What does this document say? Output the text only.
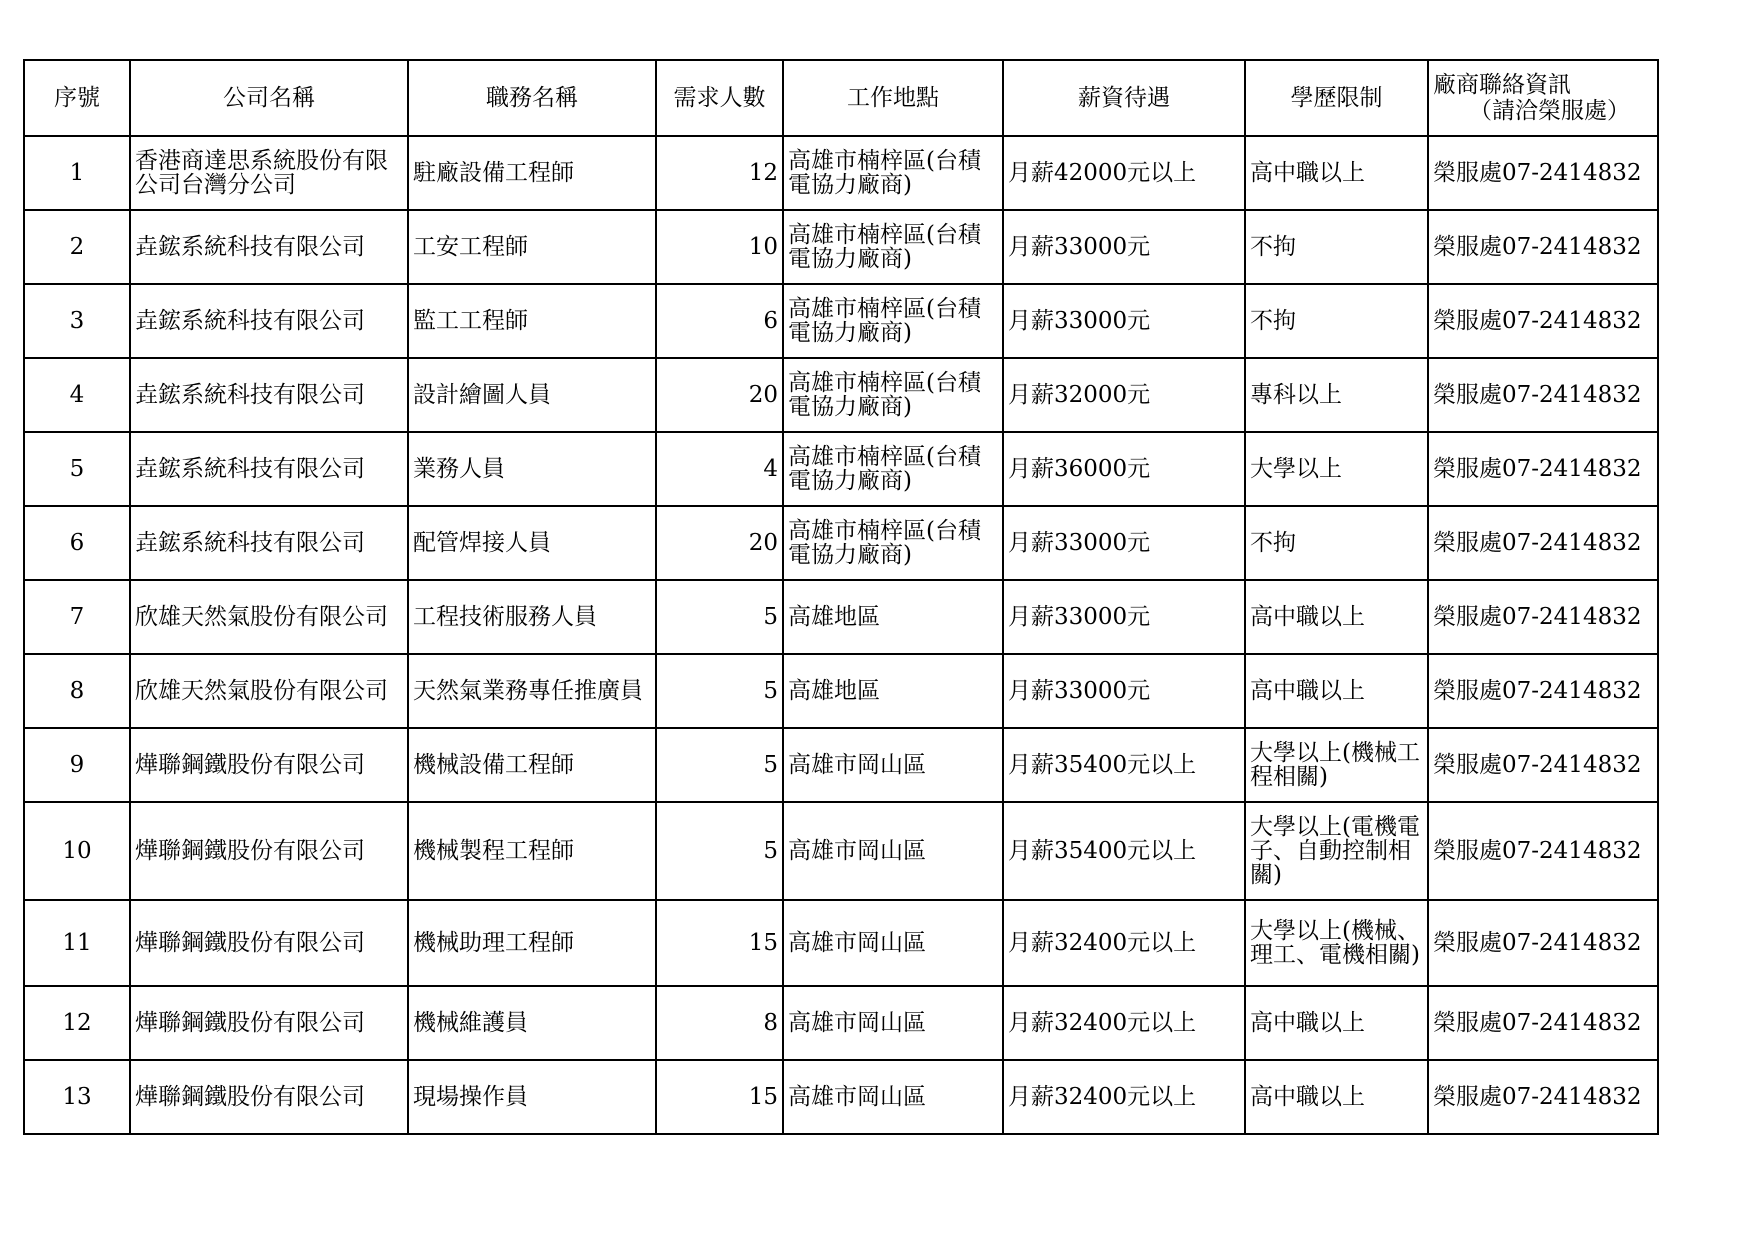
序號	公司名稱	職務名稱	需求人數	工作地點	薪資待遇	學歷限制	廠商聯絡資訊
（請洽榮服處）

1	香港商達思系統股份有限公司台灣分公司	駐廠設備工程師	12	高雄市楠梓區(台積電協力廠商)	月薪42000元以上	高中職以上	榮服處07-2414832
2	垚鋐系統科技有限公司	工安工程師	10	高雄市楠梓區(台積電協力廠商)	月薪33000元	不拘	榮服處07-2414832
3	垚鋐系統科技有限公司	監工工程師	6	高雄市楠梓區(台積電協力廠商)	月薪33000元	不拘	榮服處07-2414832
4	垚鋐系統科技有限公司	設計繪圖人員	20	高雄市楠梓區(台積電協力廠商)	月薪32000元	專科以上	榮服處07-2414832
5	垚鋐系統科技有限公司	業務人員	4	高雄市楠梓區(台積電協力廠商)	月薪36000元	大學以上	榮服處07-2414832
6	垚鋐系統科技有限公司	配管焊接人員	20	高雄市楠梓區(台積電協力廠商)	月薪33000元	不拘	榮服處07-2414832
7	欣雄天然氣股份有限公司	工程技術服務人員	5	高雄地區	月薪33000元	高中職以上	榮服處07-2414832
8	欣雄天然氣股份有限公司	天然氣業務專任推廣員	5	高雄地區	月薪33000元	高中職以上	榮服處07-2414832
9	燁聯鋼鐵股份有限公司	機械設備工程師	5	高雄市岡山區	月薪35400元以上	大學以上(機械工程相關)	榮服處07-2414832
10	燁聯鋼鐵股份有限公司	機械製程工程師	5	高雄市岡山區	月薪35400元以上	大學以上(電機電子、自動控制相關)	榮服處07-2414832
11	燁聯鋼鐵股份有限公司	機械助理工程師	15	高雄市岡山區	月薪32400元以上	大學以上(機械、理工、電機相關)	榮服處07-2414832
12	燁聯鋼鐵股份有限公司	機械維護員	8	高雄市岡山區	月薪32400元以上	高中職以上	榮服處07-2414832
13	燁聯鋼鐵股份有限公司	現場操作員	15	高雄市岡山區	月薪32400元以上	高中職以上	榮服處07-2414832
